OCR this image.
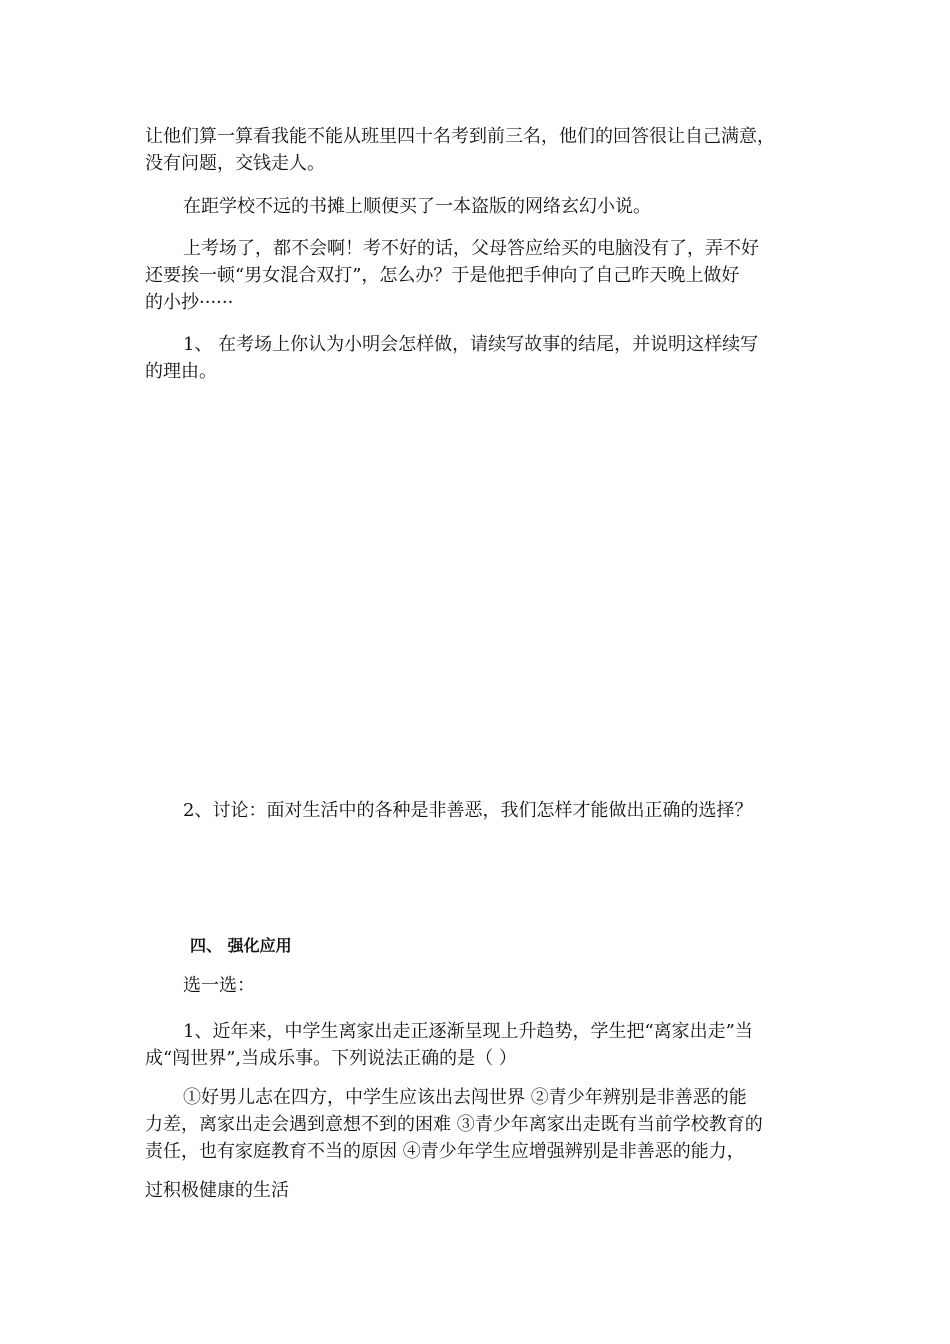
让他们算一算看我能不能从班里四十名考到前三名，他们的回答很让自己满意，
没有问题，交钱走人。
在距学校不远的书摊上顺便买了一本盗版的网络玄幻小说。
上考场了，都不会啊！考不好的话，父母答应给买的电脑没有了，弄不好
还要挨一顿“男女混合双打”，怎么办？于是他把手伸向了自己昨天晚上做好
的小抄······
1、 在考场上你认为小明会怎样做，请续写故事的结尾，并说明这样续写
的理由。
2、讨论：面对生活中的各种是非善恶，我们怎样才能做出正确的选择？
四、 强化应用
选一选：
1、近年来，中学生离家出走正逐渐呈现上升趋势，学生把“离家出走”当
成“闯世界”,当成乐事。下列说法正确的是（ ）
①好男儿志在四方，中学生应该出去闯世界 ②青少年辨别是非善恶的能
力差，离家出走会遇到意想不到的困难 ③青少年离家出走既有当前学校教育的
责任，也有家庭教育不当的原因 ④青少年学生应增强辨别是非善恶的能力，
过积极健康的生活
